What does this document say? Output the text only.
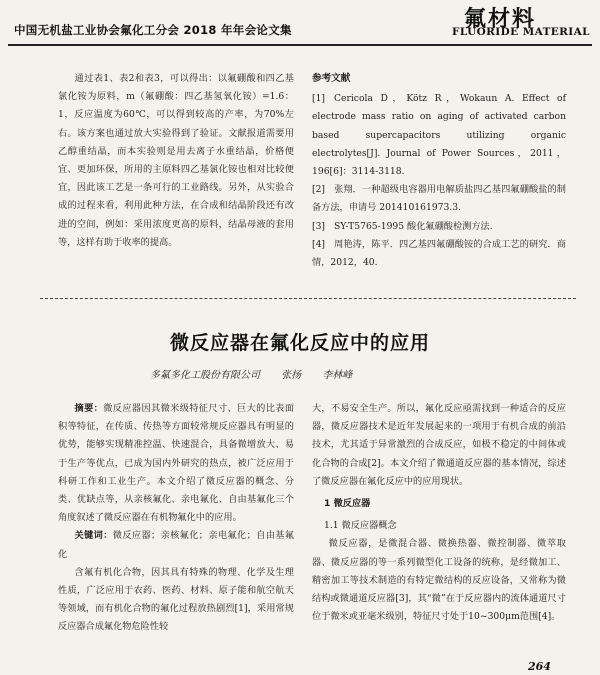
中国无机盐工业协会氟化工分会 2018 年年会论文集	氟材料
FLUORIDE MATERIAL

通过表1、表2和表3，可以得出：以氟硼酸和四乙基氯化铵为原料，m（氟硼酸：四乙基氢氧化铵）=1.6：1，反应温度为60℃，可以得到较高的产率，为70%左右。该方案也通过放大实验得到了验证。文献报道需要用乙醇重结晶，而本实验则是用去离子水重结晶，价格便宜、更加环保，所用的主原料四乙基氯化铵也相对比较便宜，因此该工艺是一条可行的工业路线。另外，从实验合成的过程来看，利用此种方法，在合成和结晶阶段还有改进的空间，例如：采用浓度更高的原料，结晶母液的套用等，这样有助于收率的提高。

参考文献

[1] Cericola D，Kötz R，Wokaun A. Effect of electrode mass ratio on aging of activated carbon based supercapacitors utilizing organic electrolytes[J]. Journal of Power Sources，2011，196[6]：3114-3118.

[2] 张翔．一种超级电容器用电解质盐四乙基四氟硼酸盐的制备方法，申请号 201410161973.3.

[3] SY-T5765-1995 酸化氟硼酸检测方法.

[4] 周艳涛，陈平．四乙基四氟硼酸铵的合成工艺的研究．商情，2012，40.

微反应器在氟化反应中的应用
多氟多化工股份有限公司 张扬 李林峰

摘要：微反应器因其微米级特征尺寸、巨大的比表面积等特征，在传质、传热等方面较常规反应器具有明显的优势，能够实现精准控温、快速混合，具备微增放大、易于生产等优点，已成为国内外研究的热点，被广泛应用于科研工作和工业生产。本文介绍了微反应器的概念、分类、优缺点等，从亲核氟化、亲电氟化、自由基氟化三个角度叙述了微反应器在有机物氟化中的应用。

关键词：微反应器；亲核氟化；亲电氟化；自由基氟化

含氟有机化合物，因其具有特殊的物理、化学及生理性质，广泛应用于农药、医药、材料、原子能和航空航天等领域，而有机化合物的氟化过程放热剧烈[1]，采用常规反应器合成氟化物危险性较

大，不易安全生产。所以，氟化反应亟需找到一种适合的反应器，微反应器技术是近年发展起来的一项用于有机合成的前沿技术，尤其适于异常激烈的合成反应，如极不稳定的中间体或化合物的合成[2]。本文介绍了微通道反应器的基本情况，综述了微反应器在氟化反应中的应用现状。

1 微反应器

1.1 微反应器概念

微反应器，是微混合器、微换热器、微控制器、微萃取器、微反应器的等一系列微型化工设备的统称，是经微加工、精密加工等技术制造的有特定微结构的反应设备，又常称为微结构或微通道反应器[3]，其“微”在于反应器内的流体通道尺寸位于微米或亚毫米级别，特征尺寸处于10~300μm范围[4]。

264
